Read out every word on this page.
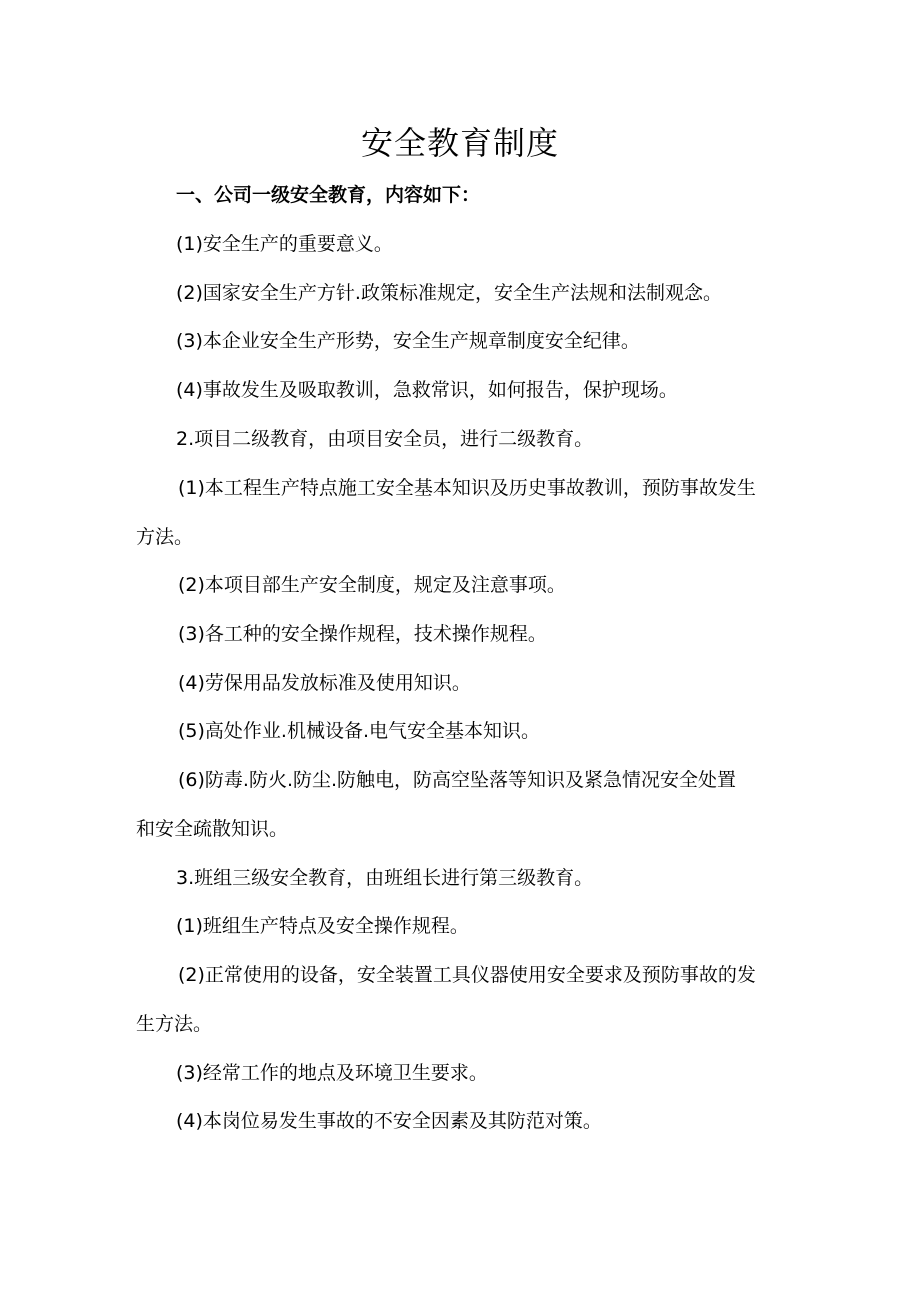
安全教育制度
一、公司一级安全教育，内容如下：
(1)安全生产的重要意义。
(2)国家安全生产方针.政策标准规定，安全生产法规和法制观念。
(3)本企业安全生产形势，安全生产规章制度安全纪律。
(4)事故发生及吸取教训，急救常识，如何报告，保护现场。
2.项目二级教育，由项目安全员，进行二级教育。
(1)本工程生产特点施工安全基本知识及历史事故教训，预防事故发生
方法。
(2)本项目部生产安全制度，规定及注意事项。
(3)各工种的安全操作规程，技术操作规程。
(4)劳保用品发放标准及使用知识。
(5)高处作业.机械设备.电气安全基本知识。
(6)防毒.防火.防尘.防触电，防高空坠落等知识及紧急情况安全处置
和安全疏散知识。
3.班组三级安全教育，由班组长进行第三级教育。
(1)班组生产特点及安全操作规程。
(2)正常使用的设备，安全装置工具仪器使用安全要求及预防事故的发
生方法。
(3)经常工作的地点及环境卫生要求。
(4)本岗位易发生事故的不安全因素及其防范对策。
